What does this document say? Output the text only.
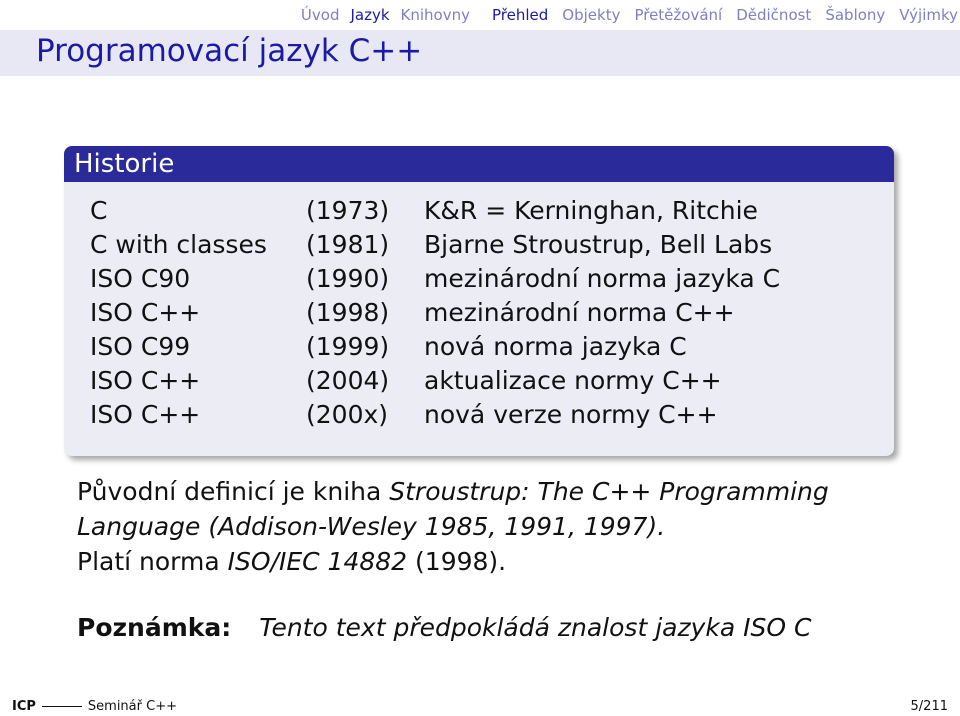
Úvod Jazyk Knihovny Přehled Objekty Přetěžování Dědičnost Šablony Výjimky
Programovací jazyk C++
Historie
C	(1973) K&R = Kerninghan, Ritchie
C with classes (1981) Bjarne Stroustrup, Bell Labs
ISO C90	(1990) mezinárodní norma jazyka C
ISO C++	(1998) mezinárodní norma C++
ISO C99	(1999) nová norma jazyka C
ISO C++	(2004) aktualizace normy C++
ISO C++	(200x) nová verze normy C++
Původní definicí je kniha Stroustrup: The C++ Programming Language (Addison-Wesley 1985, 1991, 1997).
Platí norma ISO/IEC 14882 (1998).
Poznámka: Tento text předpokládá znalost jazyka ISO C
ICP	Seminář C++	5/211
